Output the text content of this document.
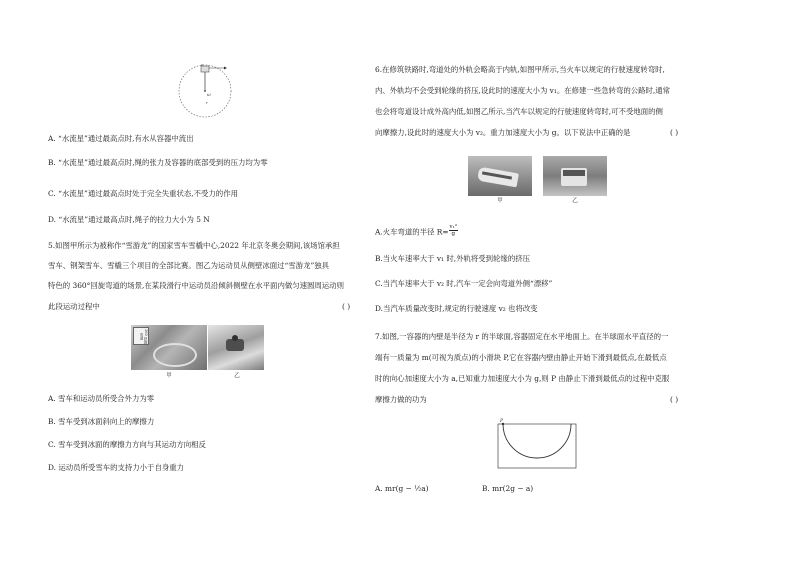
o
ω
r
A. “水流星”通过最高点时,有水从容器中流出
B. “水流星”通过最高点时,绳的张力及容器的底部受到的压力均为零
C. “水流星”通过最高点时处于完全失重状态,不受力的作用
D. “水流星”通过最高点时,绳子的拉力大小为 5 N
5.如图甲所示为被称作“雪游龙”的国家雪车雪橇中心,2022 年北京冬奥会期间,该场馆承担
雪车、钢架雪车、雪橇三个项目的全部比赛。图乙为运动员从侧壁冰面过“雪游龙”独具
特色的 360°回旋弯道的场景,在某段滑行中运动员沿倾斜侧壁在水平面内做匀速圆周运动则
此段运动过程中	( )
360 回旋弯道
甲	乙
A. 雪车和运动员所受合外力为零
B. 雪车受到冰面斜向上的摩擦力
C. 雪车受到冰面的摩擦力方向与其运动方向相反
D. 运动员所受雪车的支持力小于自身重力
6.在修筑铁路时,弯道处的外轨会略高于内轨,如图甲所示,当火车以规定的行驶速度转弯时,
内、外轨均不会受到轮缘的挤压,设此时的速度大小为 v₁。在修建一些急转弯的公路时,通常
也会将弯道设计成外高内低,如图乙所示,当汽车以规定的行驶速度转弯时,可不受地面的侧
向摩擦力,设此时的速度大小为 v₂。重力加速度大小为 g。以下说法中正确的是	( )
甲	乙
A.火车弯道的半径 $R= \frac{\text{v₁²}}{g}$
B.当火车速率大于 v₁ 时,外轨将受到轮缘的挤压
C.当汽车速率大于 v₂ 时,汽车一定会向弯道外侧“漂移”
D.当汽车质量改变时,规定的行驶速度 v₂ 也将改变
7.如图,一容器的内壁是半径为 r 的半球面,容器固定在水平地面上。在半球面水平直径的一
端有一质量为 m(可视为质点)的小滑块 P,它在容器内壁由静止开始下滑到最低点,在最低点
时的向心加速度大小为 a,已知重力加速度大小为 g,则 P 由静止下滑到最低点的过程中克服
摩擦力做的功为	( )
P
A. mr(g − ½a)	B. mr(2g − a)
